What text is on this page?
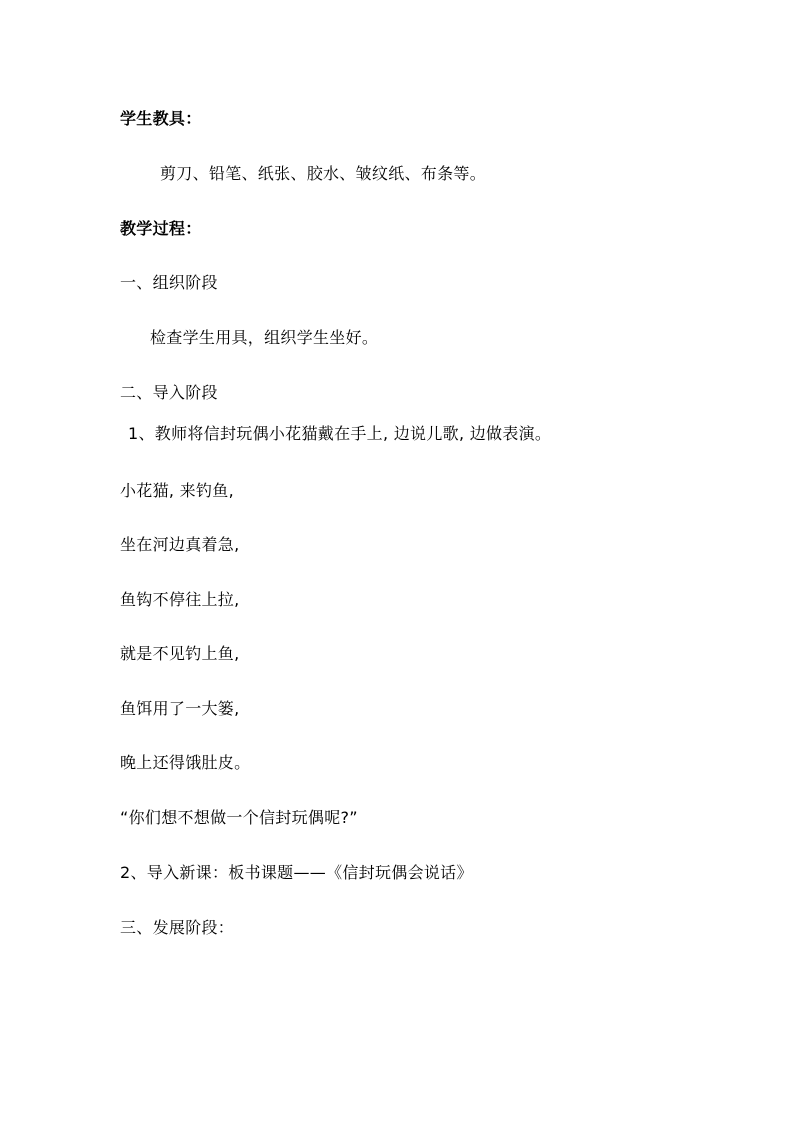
学生教具：
剪刀、铅笔、纸张、胶水、皱纹纸、布条等。
教学过程：
一、组织阶段
检查学生用具，组织学生坐好。
二、导入阶段
1、教师将信封玩偶小花猫戴在手上, 边说儿歌, 边做表演。
小花猫, 来钓鱼,
坐在河边真着急,
鱼钩不停往上拉,
就是不见钓上鱼,
鱼饵用了一大篓,
晚上还得饿肚皮。
“你们想不想做一个信封玩偶呢?”
2、导入新课：板书课题——《信封玩偶会说话》
三、发展阶段：
